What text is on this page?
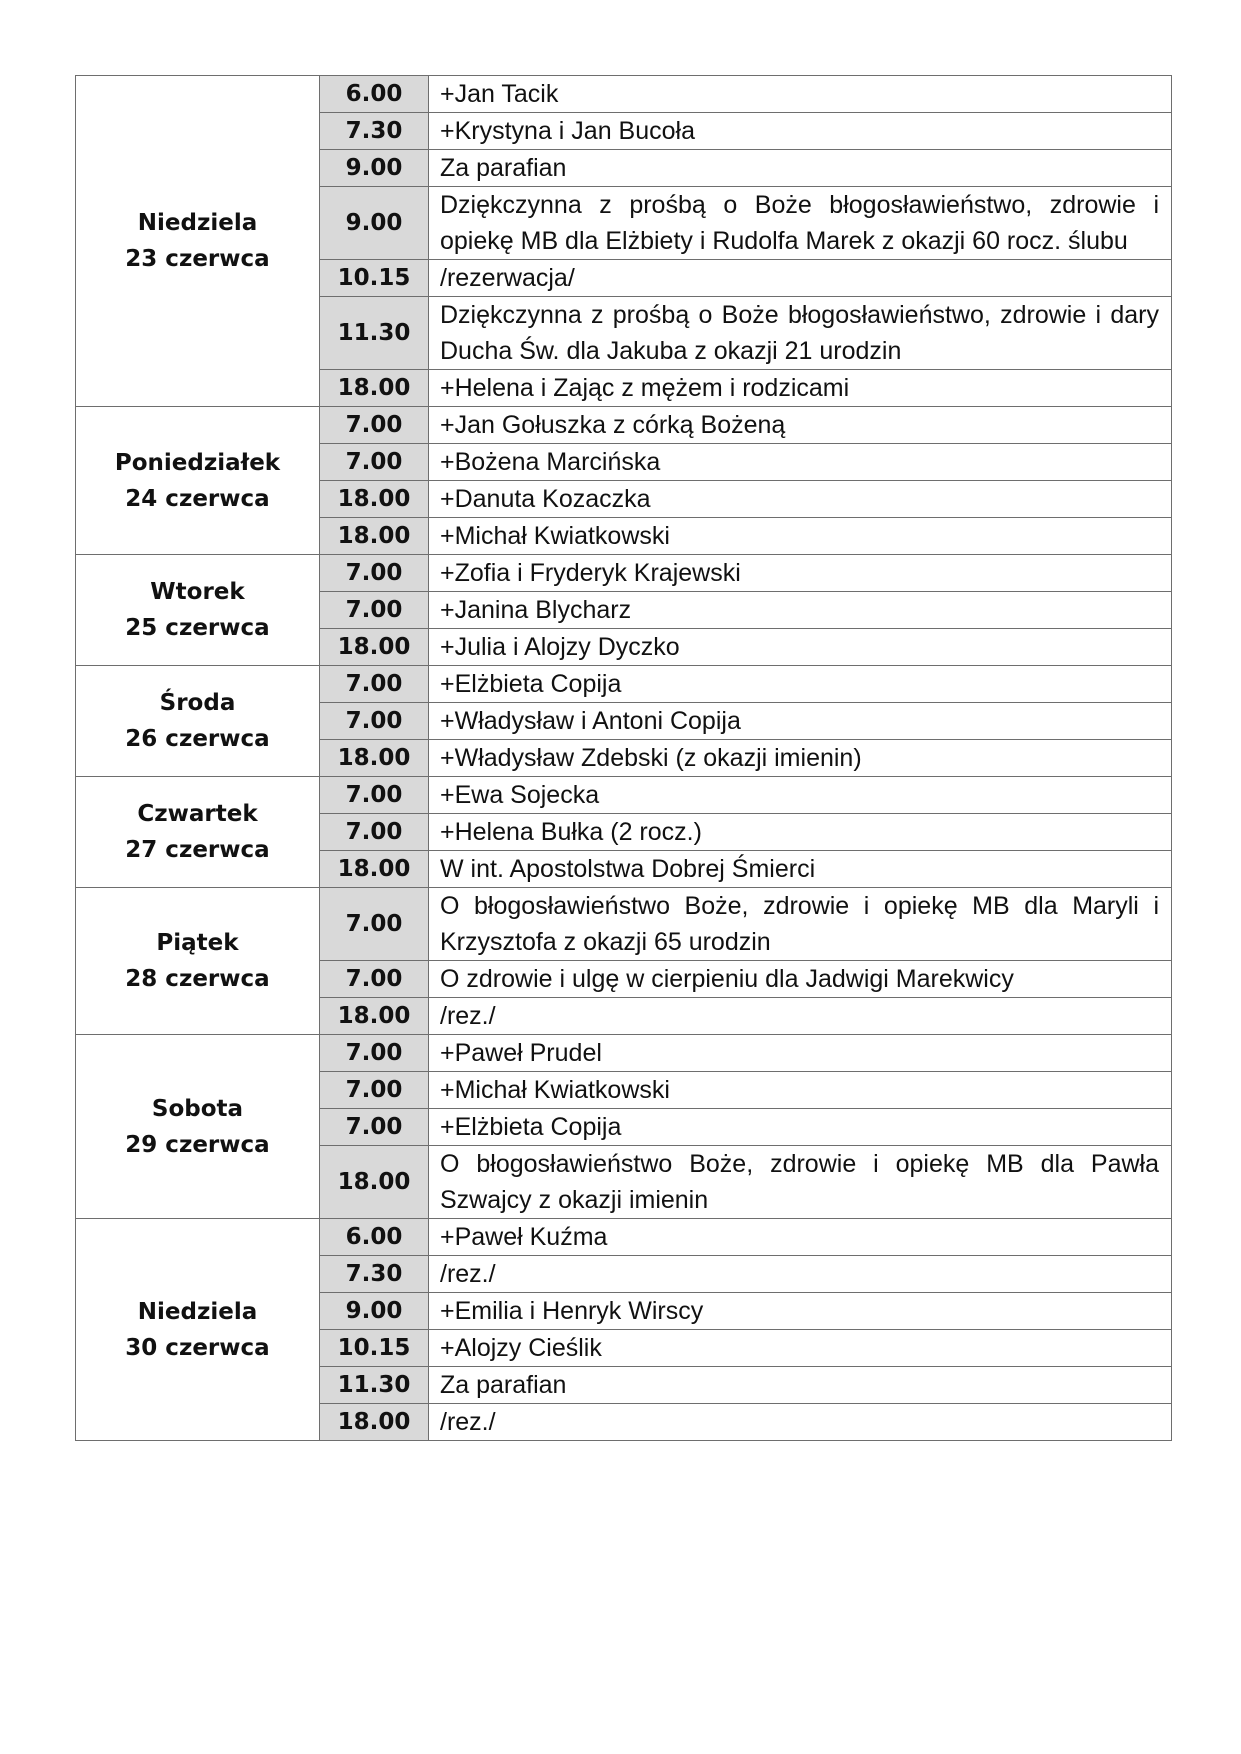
Niedziela
23 czerwca	6.00	+Jan Tacik
	7.30	+Krystyna i Jan Bucoła
	9.00	Za parafian
	9.00	Dziękczynna z prośbą o Boże błogosławieństwo, zdrowie i opiekę MB dla Elżbiety i Rudolfa Marek z okazji 60 rocz. ślubu
	10.15	/rezerwacja/
	11.30	Dziękczynna z prośbą o Boże błogosławieństwo, zdrowie i dary Ducha Św. dla Jakuba z okazji 21 urodzin
	18.00	+Helena i Zając z mężem i rodzicami

Poniedziałek
24 czerwca	7.00	+Jan Gołuszka z córką Bożeną
	7.00	+Bożena Marcińska
	18.00	+Danuta Kozaczka
	18.00	+Michał Kwiatkowski

Wtorek
25 czerwca	7.00	+Zofia i Fryderyk Krajewski
	7.00	+Janina Blycharz
	18.00	+Julia i Alojzy Dyczko

Środa
26 czerwca	7.00	+Elżbieta Copija
	7.00	+Władysław i Antoni Copija
	18.00	+Władysław Zdebski (z okazji imienin)

Czwartek
27 czerwca	7.00	+Ewa Sojecka
	7.00	+Helena Bułka (2 rocz.)
	18.00	W int. Apostolstwa Dobrej Śmierci

Piątek
28 czerwca	7.00	O błogosławieństwo Boże, zdrowie i opiekę MB dla Maryli i Krzysztofa z okazji 65 urodzin
	7.00	O zdrowie i ulgę w cierpieniu dla Jadwigi Marekwicy
	18.00	/rez./

Sobota
29 czerwca	7.00	+Paweł Prudel
	7.00	+Michał Kwiatkowski
	7.00	+Elżbieta Copija
	18.00	O błogosławieństwo Boże, zdrowie i opiekę MB dla Pawła Szwajcy z okazji imienin

Niedziela
30 czerwca	6.00	+Paweł Kuźma
	7.30	/rez./
	9.00	+Emilia i Henryk Wirscy
	10.15	+Alojzy Cieślik
	11.30	Za parafian
	18.00	/rez./
